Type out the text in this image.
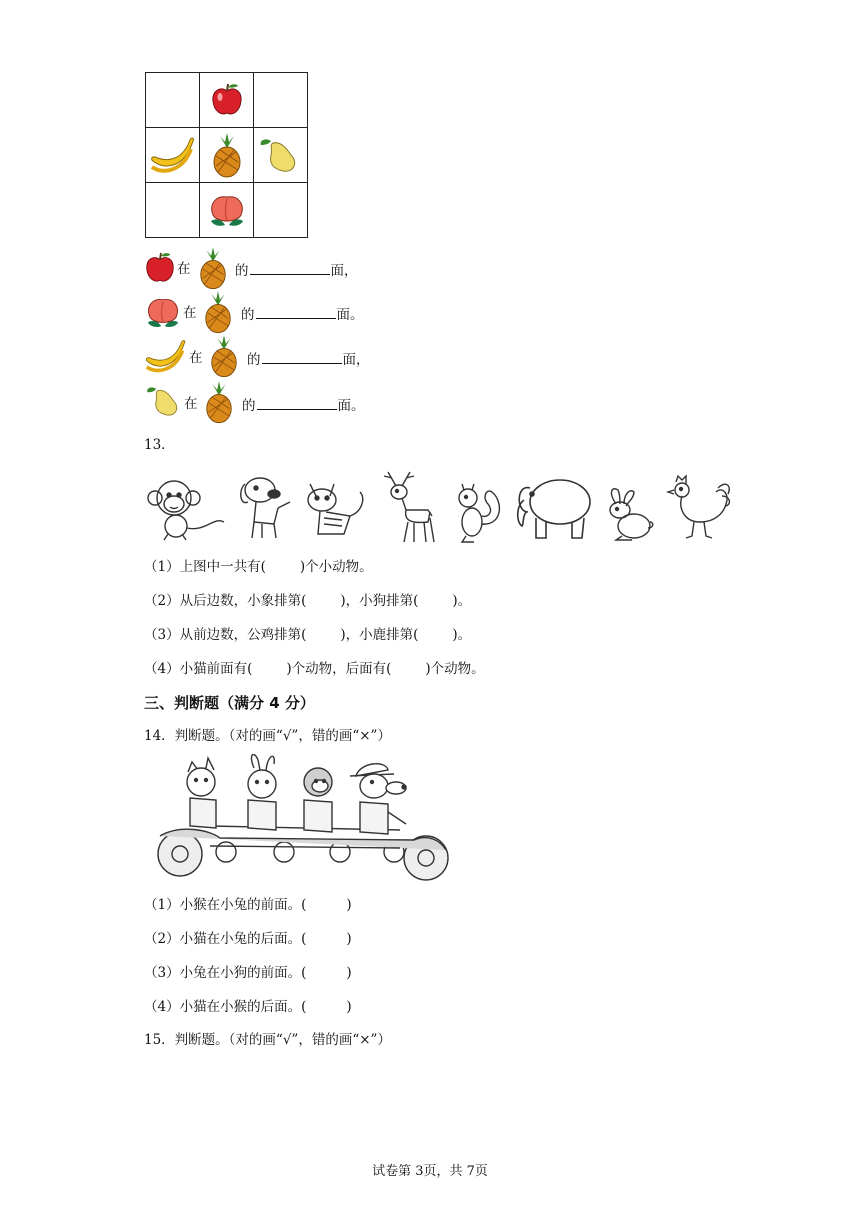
在	的	面，
在	的	面。
在	的	面，
在	的	面。
13．
（1）上图中一共有(	)个小动物。
（2）从后边数，小象排第(	)，小狗排第(	)。
（3）从前边数，公鸡排第(	)，小鹿排第(	)。
（4）小猫前面有(	)个动物，后面有(	)个动物。
三、判断题（满分 4 分）
14．判断题。（对的画“√”，错的画“×”）
（1）小猴在小兔的前面。(	)
（2）小猫在小兔的后面。(	)
（3）小兔在小狗的前面。(	)
（4）小猫在小猴的后面。(	)
15．判断题。（对的画“√”，错的画“×”）
试卷第 3页，共 7页
